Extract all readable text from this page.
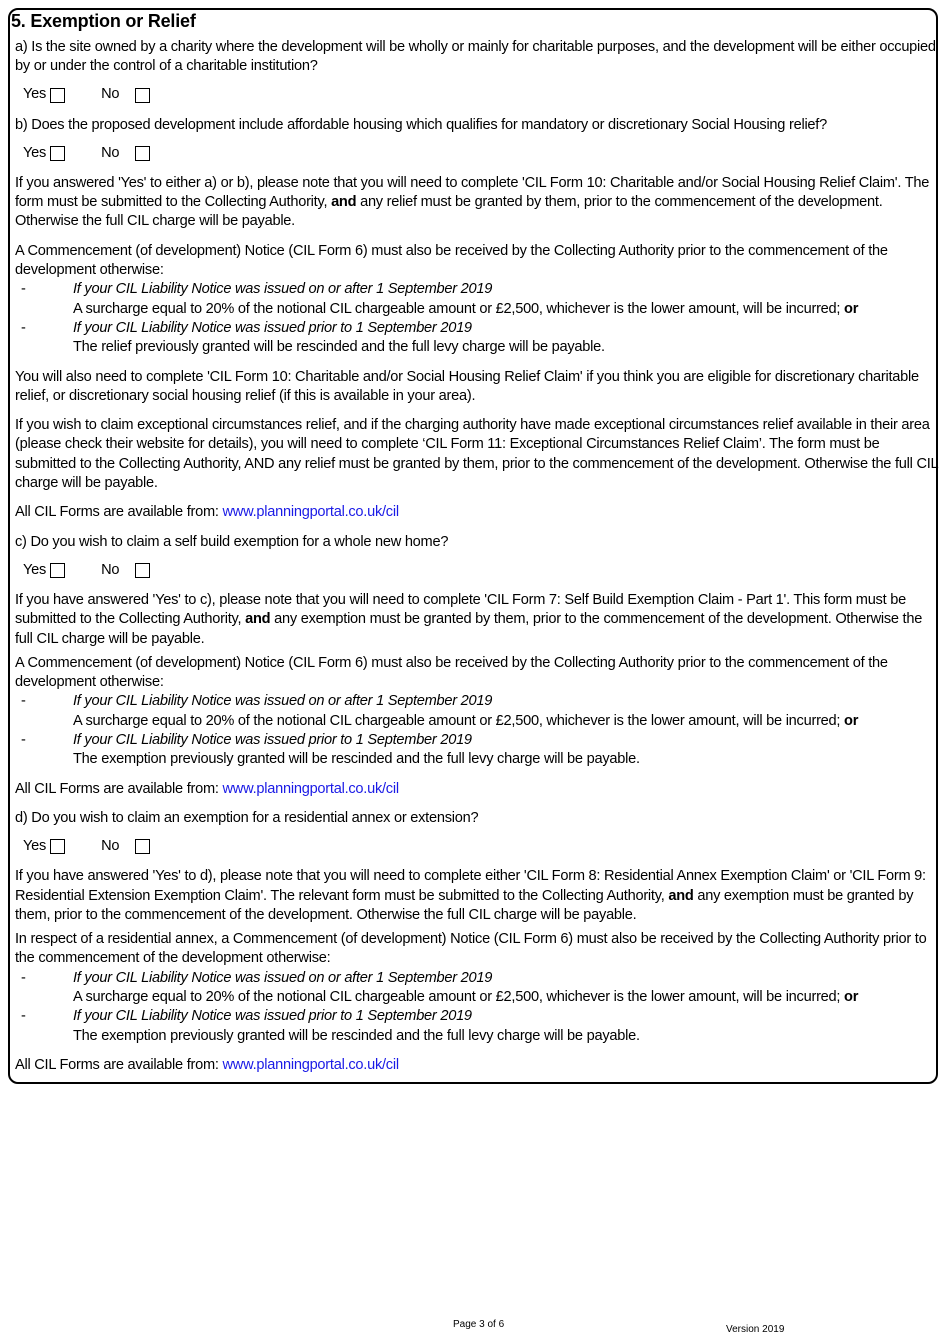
5. Exemption or Relief

a) Is the site owned by a charity where the development will be wholly or mainly for charitable purposes, and the development will be either occupied by or under the control of a charitable institution?

Yes	No

b) Does the proposed development include affordable housing which qualifies for mandatory or discretionary Social Housing relief?

Yes	No

If you answered 'Yes' to either a) or b), please note that you will need to complete 'CIL Form 10: Charitable and/or Social Housing Relief Claim'. The form must be submitted to the Collecting Authority, and any relief must be granted by them, prior to the commencement of the development. Otherwise the full CIL charge will be payable.

A Commencement (of development) Notice (CIL Form 6) must also be received by the Collecting Authority prior to the commencement of the development otherwise:
-	If your CIL Liability Notice was issued on or after 1 September 2019
A surcharge equal to 20% of the notional CIL chargeable amount or £2,500, whichever is the lower amount, will be incurred; or
-	If your CIL Liability Notice was issued prior to 1 September 2019
The relief previously granted will be rescinded and the full levy charge will be payable.

You will also need to complete 'CIL Form 10: Charitable and/or Social Housing Relief Claim' if you think you are eligible for discretionary charitable relief, or discretionary social housing relief (if this is available in your area).

If you wish to claim exceptional circumstances relief, and if the charging authority have made exceptional circumstances relief available in their area (please check their website for details), you will need to complete ‘CIL Form 11: Exceptional Circumstances Relief Claim’. The form must be submitted to the Collecting Authority, AND any relief must be granted by them, prior to the commencement of the development. Otherwise the full CIL charge will be payable.

All CIL Forms are available from: www.planningportal.co.uk/cil

c) Do you wish to claim a self build exemption for a whole new home?

Yes	No

If you have answered 'Yes' to c), please note that you will need to complete 'CIL Form 7: Self Build Exemption Claim - Part 1'. This form must be submitted to the Collecting Authority, and any exemption must be granted by them, prior to the commencement of the development. Otherwise the full CIL charge will be payable.

A Commencement (of development) Notice (CIL Form 6) must also be received by the Collecting Authority prior to the commencement of the development otherwise:
-	If your CIL Liability Notice was issued on or after 1 September 2019
A surcharge equal to 20% of the notional CIL chargeable amount or £2,500, whichever is the lower amount, will be incurred; or
-	If your CIL Liability Notice was issued prior to 1 September 2019
The exemption previously granted will be rescinded and the full levy charge will be payable.

All CIL Forms are available from: www.planningportal.co.uk/cil

d) Do you wish to claim an exemption for a residential annex or extension?

Yes	No

If you have answered 'Yes' to d), please note that you will need to complete either 'CIL Form 8: Residential Annex Exemption Claim' or 'CIL Form 9: Residential Extension Exemption Claim'. The relevant form must be submitted to the Collecting Authority, and any exemption must be granted by them, prior to the commencement of the development. Otherwise the full CIL charge will be payable.

In respect of a residential annex, a Commencement (of development) Notice (CIL Form 6) must also be received by the Collecting Authority prior to the commencement of the development otherwise:
-	If your CIL Liability Notice was issued on or after 1 September 2019
A surcharge equal to 20% of the notional CIL chargeable amount or £2,500, whichever is the lower amount, will be incurred; or
-	If your CIL Liability Notice was issued prior to 1 September 2019
The exemption previously granted will be rescinded and the full levy charge will be payable.

All CIL Forms are available from: www.planningportal.co.uk/cil

Page 3 of 6	Version 2019
